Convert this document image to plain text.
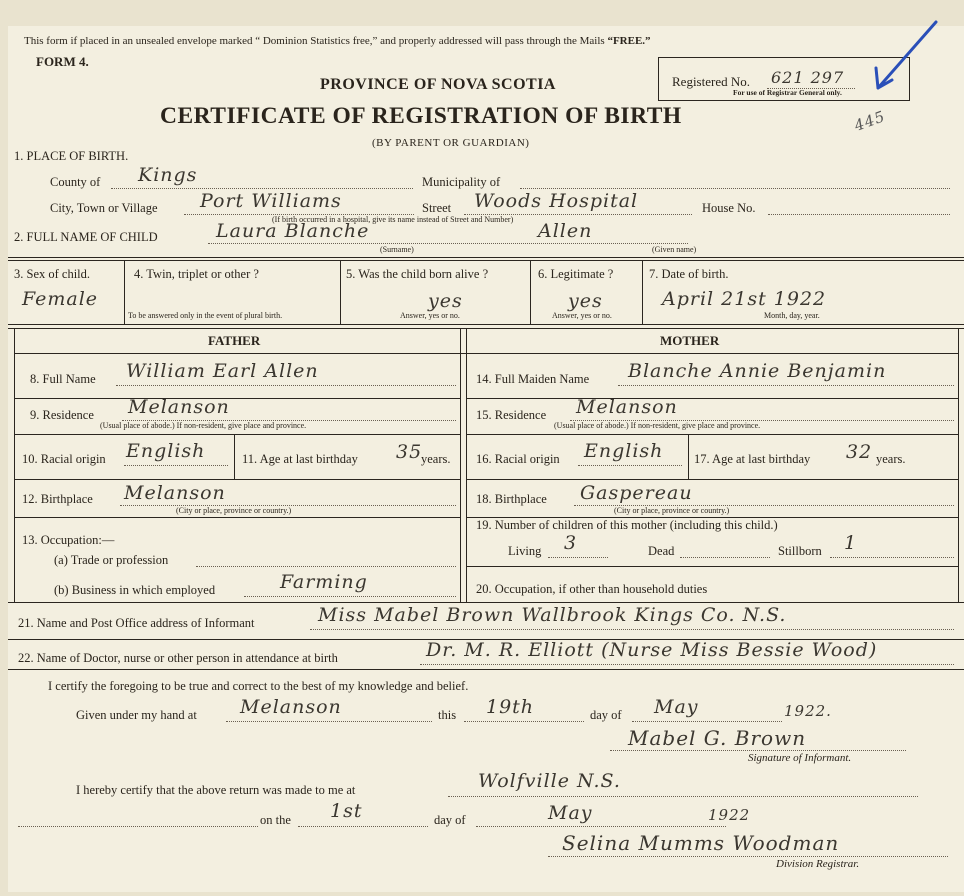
This form if placed in an unsealed envelope marked “ Dominion Statistics free,” and properly addressed will pass through the Mails “FREE.”
FORM 4.
PROVINCE OF NOVA SCOTIA
CERTIFICATE OF REGISTRATION OF BIRTH
(BY PARENT OR GUARDIAN)
Registered No. 621 297
For use of Registrar General only.
445
1. PLACE OF BIRTH.
County of Kings	Municipality of
City, Town or Village Port Williams	Street Woods Hospital
(If birth occurred in a hospital, give its name instead of Street and Number)
House No.
2. FULL NAME OF CHILD	Laura Blanche	Allen
(Surname)	(Given name)
3. Sex of child.
Female
4. Twin, triplet or other ?
To be answered only in the event of plural birth.
5. Was the child born alive ?
yes
Answer, yes or no.
6. Legitimate ?
yes
Answer, yes or no.
7. Date of birth.
April 21st 1922
Month, day, year.
FATHER	MOTHER
8. Full Name William Earl Allen
9. Residence Melanson
(Usual place of abode.) If non-resident, give place and province.
10. Racial origin English	11. Age at last birthday 35
years.
12. Birthplace Melanson
(City or place, province or country.)
13. Occupation:—
(a) Trade or profession
(b) Business in which employed	Farming
14. Full Maiden Name Blanche Annie Benjamin
15. Residence Melanson
(Usual place of abode.) If non-resident, give place and province.
16. Racial origin English 17. Age at last birthday 32 years.
18. Birthplace Gaspereau
(City or place, province or country.)
19. Number of children of this mother (including this child.)
Living 3	Dead	Stillborn 1
20. Occupation, if other than household duties
21. Name and Post Office address of Informant	Miss Mabel Brown Wallbrook Kings Co. N.S.
22. Name of Doctor, nurse or other person in attendance at birth	Dr. M. R. Elliott (Nurse Miss Bessie Wood)
I certify the foregoing to be true and correct to the best of my knowledge and belief.
Given under my hand at Melanson	this 19th	day of May	1922.
Mabel G. Brown
Signature of Informant.
I hereby certify that the above return was made to me at	Wolfville N.S.
on the 1st	day of	May	1922
Selina Mumms Woodman
Division Registrar.
